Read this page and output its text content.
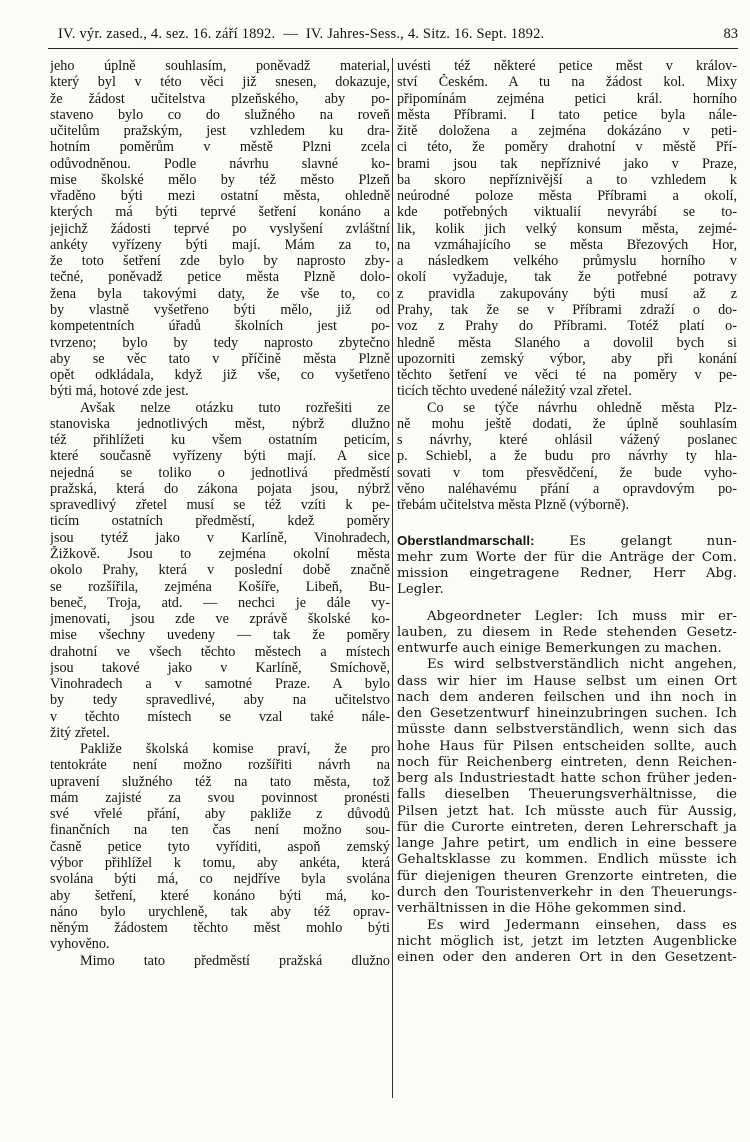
IV. výr. zased., 4. sez. 16. září 1892. — IV. Jahres-Sess., 4. Sitz. 16. Sept. 1892.	83
jeho úplně souhlasím, poněvadž material,
který byl v této věci již snesen, dokazuje,
že žádost učitelstva plzeňského, aby po-
staveno bylo co do služného na roveň
učitelům pražským, jest vzhledem ku dra-
hotním poměrům v městě Plzni zcela
odůvodněnou. Podle návrhu slavné ko-
mise školské mělo by též město Plzeň
vřaděno býti mezi ostatní města, ohledně
kterých má býti teprvé šetření konáno a
jejichž žádosti teprvé po vyslyšení zvláštní
ankéty vyřízeny býti mají. Mám za to,
že toto šetření zde bylo by naprosto zby-
tečné, poněvadž petice města Plzně dolo-
žena byla takovými daty, že vše to, co
by vlastně vyšetřeno býti mělo, již od
kompetentních úřadů školních jest po-
tvrzeno; bylo by tedy naprosto zbytečno
aby se věc tato v příčině města Plzně
opět odkládala, když již vše, co vyšetřeno
býti má, hotové zde jest.
Avšak nelze otázku tuto rozřešiti ze
stanoviska jednotlivých měst, nýbrž dlužno
též přihlížeti ku všem ostatním peticím,
které současně vyřízeny býti mají. A sice
nejedná se toliko o jednotlivá předměstí
pražská, která do zákona pojata jsou, nýbrž
spravedlivý zřetel musí se též vzíti k pe-
ticím ostatních předměstí, kdež poměry
jsou tytéž jako v Karlíně, Vinohradech,
Žižkově. Jsou to zejména okolní města
okolo Prahy, která v poslední době značně
se rozšířila, zejména Košíře, Libeň, Bu-
beneč, Troja, atd. — nechci je dále vy-
jmenovati, jsou zde ve zprávě školské ko-
mise všechny uvedeny — tak že poměry
drahotní ve všech těchto městech a místech
jsou takové jako v Karlíně, Smíchově,
Vinohradech a v samotné Praze. A bylo
by tedy spravedlivé, aby na učitelstvo
v těchto místech se vzal také nále-
žitý zřetel.
Pakliže školská komise praví, že pro
tentokráte není možno rozšířiti návrh na
upravení služného též na tato města, tož
mám zajisté za svou povinnost pronésti
své vřelé přání, aby pakliže z důvodů
finančních na ten čas není možno sou-
časně petice tyto vyříditi, aspoň zemský
výbor přihlížel k tomu, aby ankéta, která
svolána býti má, co nejdříve byla svolána
aby šetření, které konáno býti má, ko-
náno bylo urychleně, tak aby též oprav-
něným žádostem těchto měst mohlo býti
vyhověno.
Mimo tato předměstí pražská dlužno
uvésti též některé petice měst v králov-
ství Českém. A tu na žádost kol. Mixy
připomínám zejména petici král. horního
města Příbrami. I tato petice byla nále-
žitě doložena a zejména dokázáno v peti-
ci této, že poměry drahotní v městě Pří-
brami jsou tak nepříznivé jako v Praze,
ba skoro nepříznivější a to vzhledem k
neúrodné poloze města Příbrami a okolí,
kde potřebných viktualií nevyrábí se to-
lik, kolik jich velký konsum města, zejmé-
na vzmáhajícího se města Březových Hor,
a následkem velkého průmyslu horního v
okolí vyžaduje, tak že potřebné potravy
z pravidla zakupovány býti musí až z
Prahy, tak že se v Příbrami zdraží o do-
voz z Prahy do Příbrami. Totéž platí o-
hledně města Slaného a dovolil bych si
upozorniti zemský výbor, aby při konání
těchto šetření ve věci té na poměry v pe-
ticích těchto uvedené náležitý vzal zřetel.
Co se týče návrhu ohledně města Plz-
ně mohu ještě dodati, že úplně souhlasím
s návrhy, které ohlásil vážený poslanec
p. Schiebl, a že budu pro návrhy ty hla-
sovati v tom přesvědčení, že bude vyho-
věno naléhavému přání a opravdovým po-
třebám učitelstva města Plzně (výborně).
Oberstlandmarschall: Es gelangt nun-
mehr zum Worte der für die Anträge der Com.
mission eingetragene Redner, Herr Abg.
Legler.
Abgeordneter Legler: Ich muss mir er-
lauben, zu diesem in Rede stehenden Gesetz-
entwurfe auch einige Bemerkungen zu machen.
Es wird selbstverständlich nicht angehen,
dass wir hier im Hause selbst um einen Ort
nach dem anderen feilschen und ihn noch in
den Gesetzentwurf hineinzubringen suchen. Ich
müsste dann selbstverständlich, wenn sich das
hohe Haus für Pilsen entscheiden sollte, auch
noch für Reichenberg eintreten, denn Reichen-
berg als Industriestadt hatte schon früher jeden-
falls dieselben Theuerungsverhältnisse, die
Pilsen jetzt hat. Ich müsste auch für Aussig,
für die Curorte eintreten, deren Lehrerschaft ja
lange Jahre petirt, um endlich in eine bessere
Gehaltsklasse zu kommen. Endlich müsste ich
für diejenigen theuren Grenzorte eintreten, die
durch den Touristenverkehr in den Theuerungs-
verhältnissen in die Höhe gekommen sind.
Es wird Jedermann einsehen, dass es
nicht möglich ist, jetzt im letzten Augenblicke
einen oder den anderen Ort in den Gesetzent-
